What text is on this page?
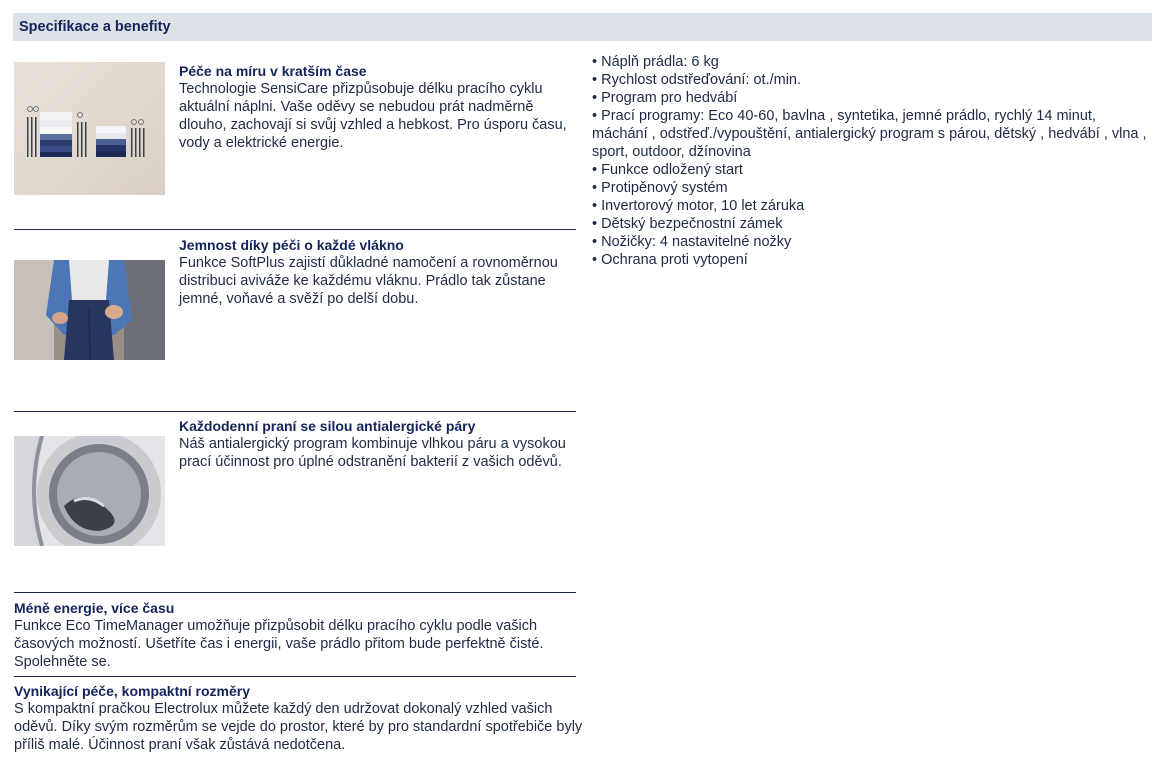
Specifikace a benefity
Péče na míru v kratším čase
Technologie SensiCare přizpůsobuje délku pracího cyklu aktuální náplni. Vaše oděvy se nebudou prát nadměrně dlouho, zachovají si svůj vzhled a hebkost. Pro úsporu času, vody a elektrické energie.
Jemnost díky péči o každé vlákno
Funkce SoftPlus zajistí důkladné namočení a rovnoměrnou distribuci aviváže ke každému vláknu. Prádlo tak zůstane jemné, voňavé a svěží po delší dobu.
Každodenní praní se silou antialergické páry
Náš antialergický program kombinuje vlhkou páru a vysokou prací účinnost pro úplné odstranění bakterií z vašich oděvů.
Méně energie, více času
Funkce Eco TimeManager umožňuje přizpůsobit délku pracího cyklu podle vašich časových možností. Ušetříte čas i energii, vaše prádlo přitom bude perfektně čisté. Spolehněte se.
Vynikající péče, kompaktní rozměry
S kompaktní pračkou Electrolux můžete každý den udržovat dokonalý vzhled vašich oděvů. Díky svým rozměrům se vejde do prostor, které by pro standardní spotřebiče byly příliš malé. Účinnost praní však zůstává nedotčena.
• Náplň prádla: 6 kg
• Rychlost odstřeďování: ot./min.
• Program pro hedvábí
• Prací programy: Eco 40-60, bavlna , syntetika, jemné prádlo, rychlý 14 minut, máchání , odstřeď./vypouštění, antialergický program s párou, dětský , hedvábí , vlna , sport, outdoor, džínovina
• Funkce odložený start
• Protipěnový systém
• Invertorový motor, 10 let záruka
• Dětský bezpečnostní zámek
• Nožičky: 4 nastavitelné nožky
• Ochrana proti vytopení
